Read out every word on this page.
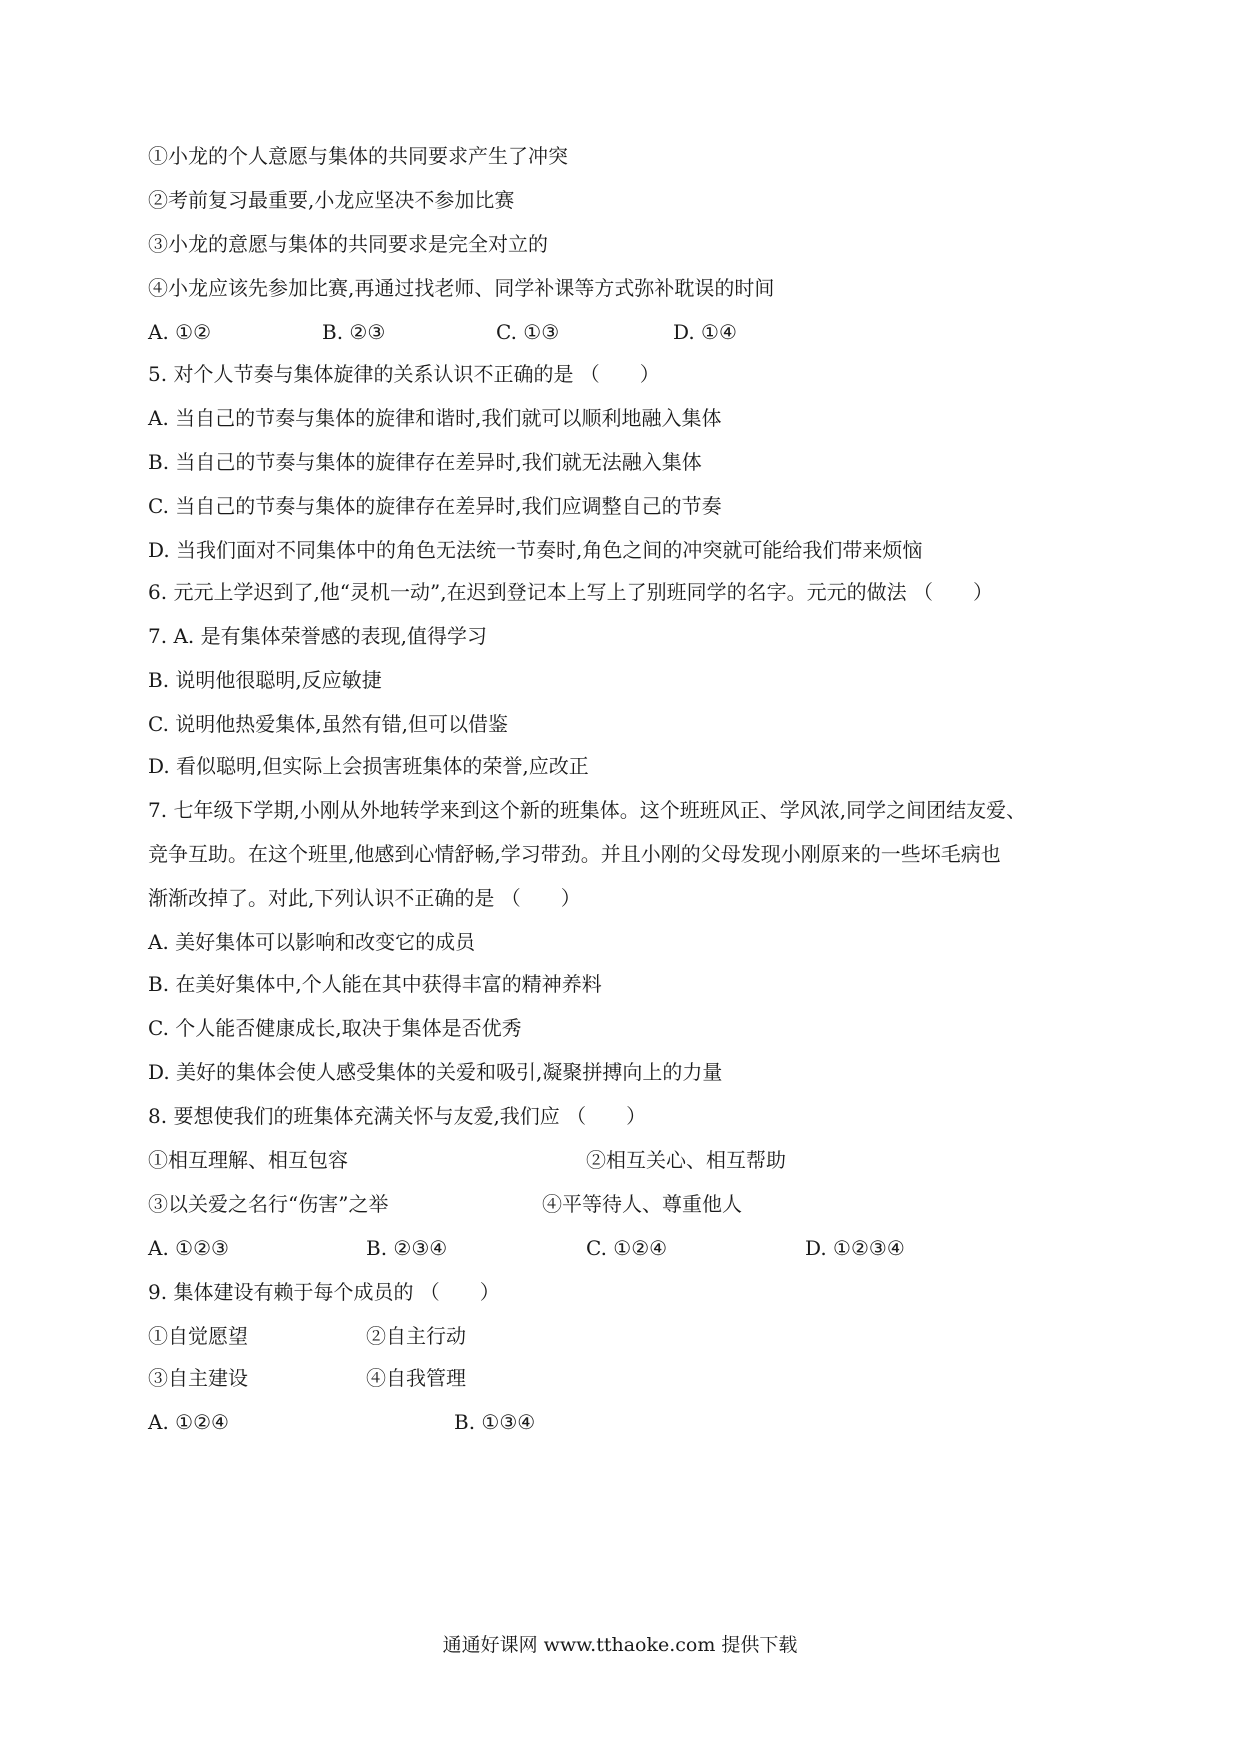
①小龙的个人意愿与集体的共同要求产生了冲突
②考前复习最重要,小龙应坚决不参加比赛
③小龙的意愿与集体的共同要求是完全对立的
④小龙应该先参加比赛,再通过找老师、同学补课等方式弥补耽误的时间
A. ①②	B. ②③	C. ①③	D. ①④
5. 对个人节奏与集体旋律的关系认识不正确的是 （　　）
A. 当自己的节奏与集体的旋律和谐时,我们就可以顺利地融入集体
B. 当自己的节奏与集体的旋律存在差异时,我们就无法融入集体
C. 当自己的节奏与集体的旋律存在差异时,我们应调整自己的节奏
D. 当我们面对不同集体中的角色无法统一节奏时,角色之间的冲突就可能给我们带来烦恼
6. 元元上学迟到了,他“灵机一动”,在迟到登记本上写上了别班同学的名字。元元的做法 （　　）
7. A. 是有集体荣誉感的表现,值得学习
B. 说明他很聪明,反应敏捷
C. 说明他热爱集体,虽然有错,但可以借鉴
D. 看似聪明,但实际上会损害班集体的荣誉,应改正
7. 七年级下学期,小刚从外地转学来到这个新的班集体。这个班班风正、学风浓,同学之间团结友爱、
竞争互助。在这个班里,他感到心情舒畅,学习带劲。并且小刚的父母发现小刚原来的一些坏毛病也
渐渐改掉了。对此,下列认识不正确的是 （　　）
A. 美好集体可以影响和改变它的成员
B. 在美好集体中,个人能在其中获得丰富的精神养料
C. 个人能否健康成长,取决于集体是否优秀
D. 美好的集体会使人感受集体的关爱和吸引,凝聚拼搏向上的力量
8. 要想使我们的班集体充满关怀与友爱,我们应 （　　）
①相互理解、相互包容	②相互关心、相互帮助
③以关爱之名行“伤害”之举	④平等待人、尊重他人
A. ①②③	B. ②③④	C. ①②④	D. ①②③④
9. 集体建设有赖于每个成员的 （　　）
①自觉愿望	②自主行动
③自主建设	④自我管理
A. ①②④	B. ①③④
通通好课网 www.tthaoke.com 提供下载
